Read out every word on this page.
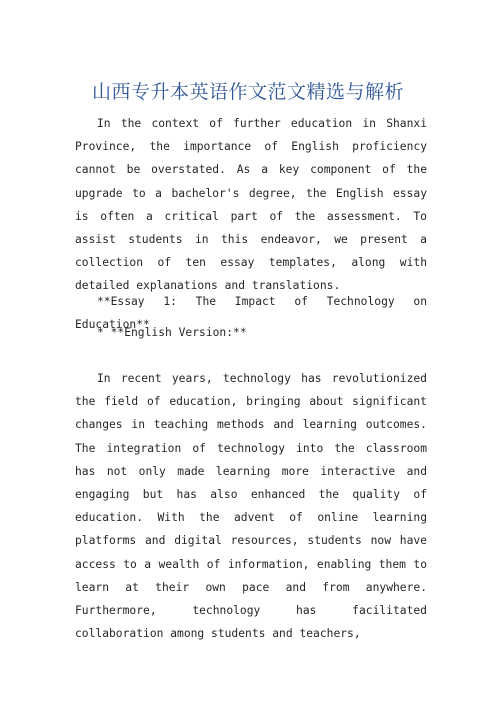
山西专升本英语作文范文精选与解析

In the context of further education in Shanxi Province, the importance of English proficiency cannot be overstated. As a key component of the upgrade to a bachelor's degree, the English essay is often a critical part of the assessment. To assist students in this endeavor, we present a collection of ten essay templates, along with detailed explanations and translations.

**Essay 1: The Impact of Technology on Education**

* **English Version:**

In recent years, technology has revolutionized the field of education, bringing about significant changes in teaching methods and learning outcomes. The integration of technology into the classroom has not only made learning more interactive and engaging but has also enhanced the quality of education. With the advent of online learning platforms and digital resources, students now have access to a wealth of information, enabling them to learn at their own pace and from anywhere. Furthermore, technology has facilitated collaboration among students and teachers,
